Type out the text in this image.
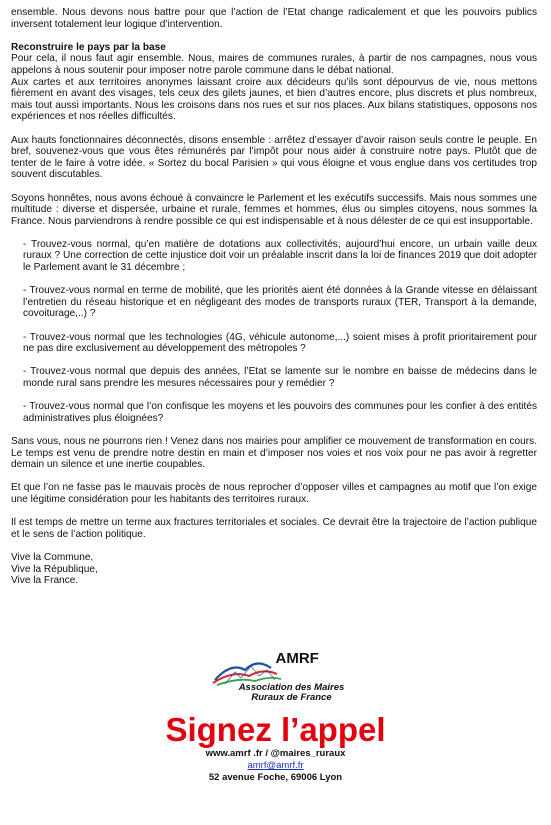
ensemble. Nous devons nous battre pour que l’action de l’Etat change radicalement et que les pouvoirs publics inversent totalement leur logique d’intervention.

Reconstruire le pays par la base

Pour cela, il nous faut agir ensemble. Nous, maires de communes rurales, à partir de nos campagnes, nous vous appelons à nous soutenir pour imposer notre parole commune dans le débat national.

Aux cartes et aux territoires anonymes laissant croire aux décideurs qu’ils sont dépourvus de vie, nous mettons fièrement en avant des visages, tels ceux des gilets jaunes, et bien d’autres encore, plus discrets et plus nombreux, mais tout aussi importants. Nous les croisons dans nos rues et sur nos places. Aux bilans statistiques, opposons nos expériences et nos réelles difficultés.

Aux hauts fonctionnaires déconnectés, disons ensemble : arrêtez d’essayer d’avoir raison seuls contre le peuple. En bref, souvenez-vous que vous êtes rémunérés par l’impôt pour nous aider à construire notre pays. Plutôt que de tenter de le faire à votre idée. « Sortez du bocal Parisien » qui vous éloigne et vous englue dans vos certitudes trop souvent discutables.

Soyons honnêtes, nous avons échoué à convaincre le Parlement et les exécutifs successifs. Mais nous sommes une multitude : diverse et dispersée, urbaine et rurale, femmes et hommes, élus ou simples citoyens, nous sommes la France. Nous parviendrons à rendre possible ce qui est indispensable et à nous délester de ce qui est insupportable.

- Trouvez-vous normal, qu’en matière de dotations aux collectivités, aujourd’hui encore, un urbain vaille deux ruraux ? Une correction de cette injustice doit voir un préalable inscrit dans la loi de finances 2019 que doit adopter le Parlement avant le 31 décembre ;

- Trouvez-vous normal en terme de mobilité, que les priorités aient été données à la Grande vitesse en délaissant l’entretien du réseau historique et en négligeant des modes de transports ruraux (TER, Transport à la demande, covoiturage,..) ?

- Trouvez-vous normal que les technologies (4G, véhicule autonome,...) soient mises à profit prioritairement pour ne pas dire exclusivement au développement des métropoles ?

- Trouvez-vous normal que depuis des années, l’Etat se lamente sur le nombre en baisse de médecins dans le monde rural sans prendre les mesures nécessaires pour y remédier ?

- Trouvez-vous normal que l’on confisque les moyens et les pouvoirs des communes pour les confier à des entités administratives plus éloignées?

Sans vous, nous ne pourrons rien ! Venez dans nos mairies pour amplifier ce mouvement de transformation en cours. Le temps est venu de prendre notre destin en main et d’imposer nos voies et nos voix pour ne pas avoir à regretter demain un silence et une inertie coupables.

Et que l’on ne fasse pas le mauvais procès de nous reprocher d’opposer villes et campagnes au motif que l’on exige une légitime considération pour les habitants des territoires ruraux.

Il est temps de mettre un terme aux fractures territoriales et sociales. Ce devrait être la trajectoire de l’action publique et le sens de l’action politique.

Vive la Commune,

Vive la République,

Vive la France.

AMRF
Association des Maires
Ruraux de France
Signez l’appel
www.amrf .fr / @maires_ruraux
amrf@amrf.fr
52 avenue Foche, 69006 Lyon
